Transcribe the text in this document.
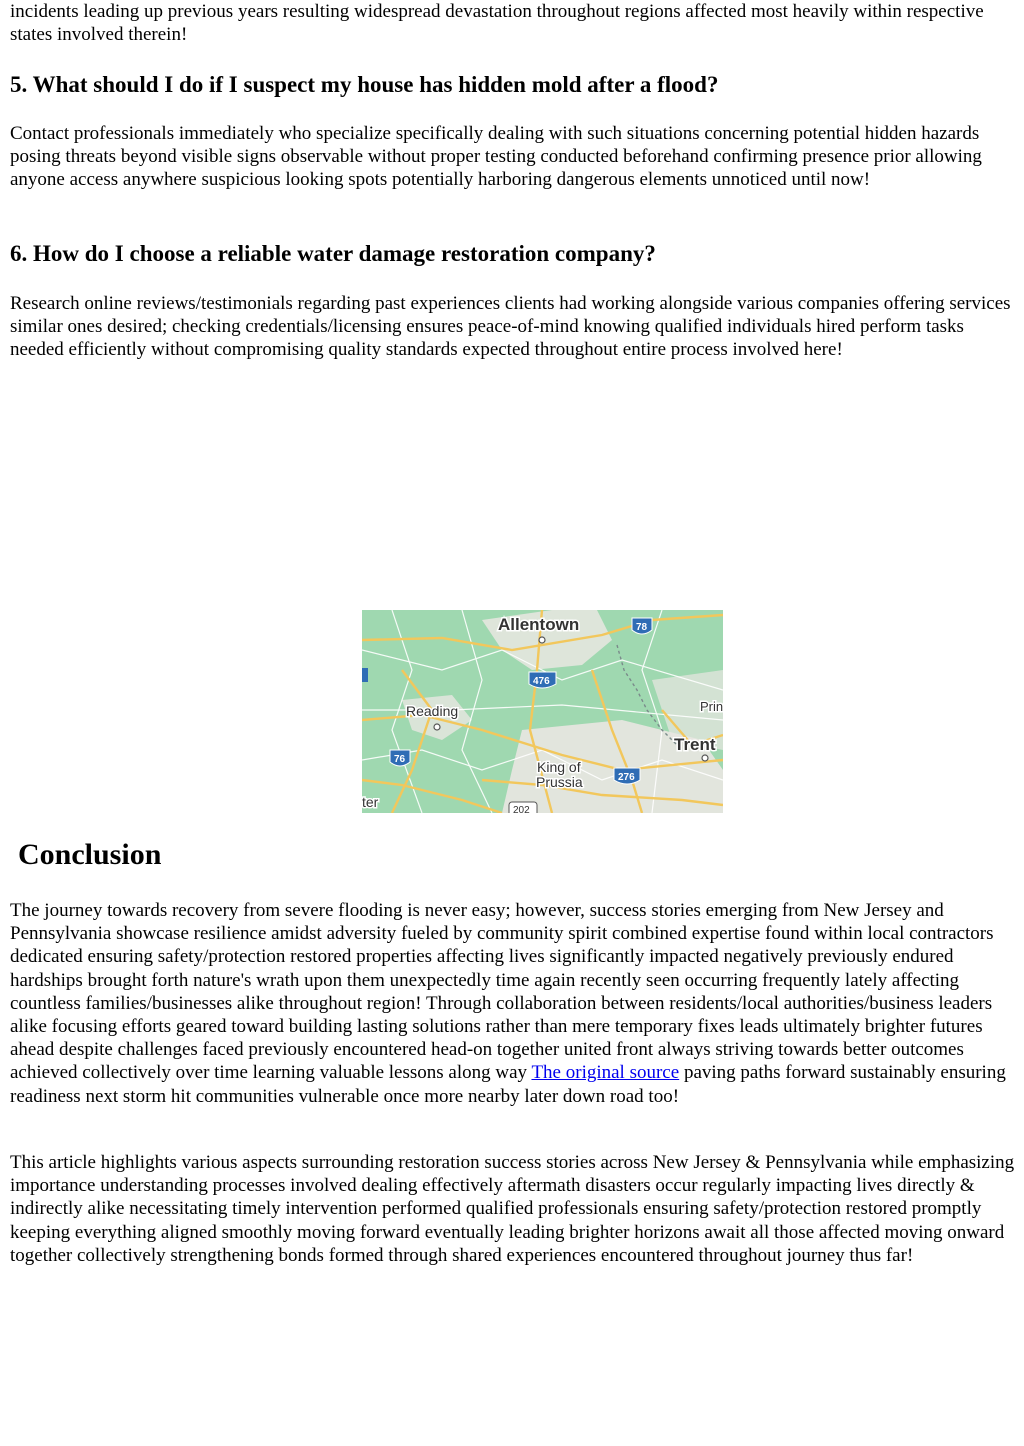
incidents leading up previous years resulting widespread devastation throughout regions affected most heavily within respective states involved therein!

5. What should I do if I suspect my house has hidden mold after a flood?

Contact professionals immediately who specialize specifically dealing with such situations concerning potential hidden hazards posing threats beyond visible signs observable without proper testing conducted beforehand confirming presence prior allowing anyone access anywhere suspicious looking spots potentially harboring dangerous elements unnoticed until now!

6. How do I choose a reliable water damage restoration company?

Research online reviews/testimonials regarding past experiences clients had working alongside various companies offering services similar ones desired; checking credentials/licensing ensures peace-of-mind knowing qualified individuals hired perform tasks needed efficiently without compromising quality standards expected throughout entire process involved here!

Conclusion

The journey towards recovery from severe flooding is never easy; however, success stories emerging from New Jersey and Pennsylvania showcase resilience amidst adversity fueled by community spirit combined expertise found within local contractors dedicated ensuring safety/protection restored properties affecting lives significantly impacted negatively previously endured hardships brought forth nature's wrath upon them unexpectedly time again recently seen occurring frequently lately affecting countless families/businesses alike throughout region! Through collaboration between residents/local authorities/business leaders alike focusing efforts geared toward building lasting solutions rather than mere temporary fixes leads ultimately brighter futures ahead despite challenges faced previously encountered head-on together united front always striving towards better outcomes achieved collectively over time learning valuable lessons along way The original source paving paths forward sustainably ensuring readiness next storm hit communities vulnerable once more nearby later down road too!

This article highlights various aspects surrounding restoration success stories across New Jersey & Pennsylvania while emphasizing importance understanding processes involved dealing effectively aftermath disasters occur regularly impacting lives directly & indirectly alike necessitating timely intervention performed qualified professionals ensuring safety/protection restored promptly keeping everything aligned smoothly moving forward eventually leading brighter horizons await all those affected moving onward together collectively strengthening bonds formed through shared experiences encountered throughout journey thus far!

Allentown
Reading
King of
Prussia
Trent
Prin
ter
78
476
76
276
202
